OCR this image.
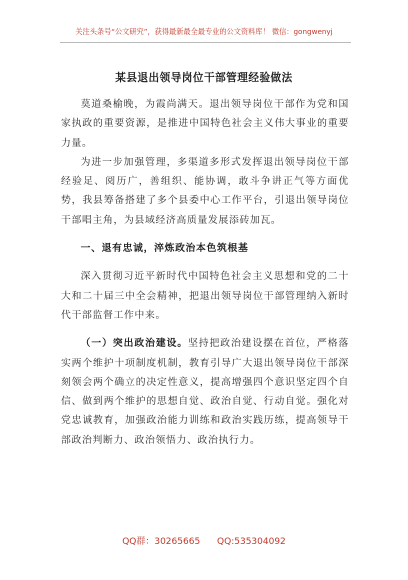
关注头条号“公文研究”，获得最新最全最专业的公文资料库！ 微信：gongwenyj
某县退出领导岗位干部管理经验做法

莫道桑榆晚，为霞尚满天。退出领导岗位干部作为党和国家执政的重要资源，是推进中国特色社会主义伟大事业的重要力量。

为进一步加强管理，多渠道多形式发挥退出领导岗位干部经验足、阅历广，善组织、能协调，敢斗争讲正气等方面优势，我县筹备搭建了多个县委中心工作平台，引退出领导岗位干部唱主角，为县域经济高质量发展添砖加瓦。

一、退有忠诚，淬炼政治本色筑根基

深入贯彻习近平新时代中国特色社会主义思想和党的二十大和二十届三中全会精神，把退出领导岗位干部管理纳入新时代干部监督工作中来。

（一）突出政治建设。坚持把政治建设摆在首位，严格落实两个维护十项制度机制，教育引导广大退出领导岗位干部深刻领会两个确立的决定性意义，提高增强四个意识坚定四个自信、做到两个维护的思想自觉、政治自觉、行动自觉。强化对党忠诚教育，加强政治能力训练和政治实践历练，提高领导干部政治判断力、政治领悟力、政治执行力。

QQ群：30265665 QQ:535304092
